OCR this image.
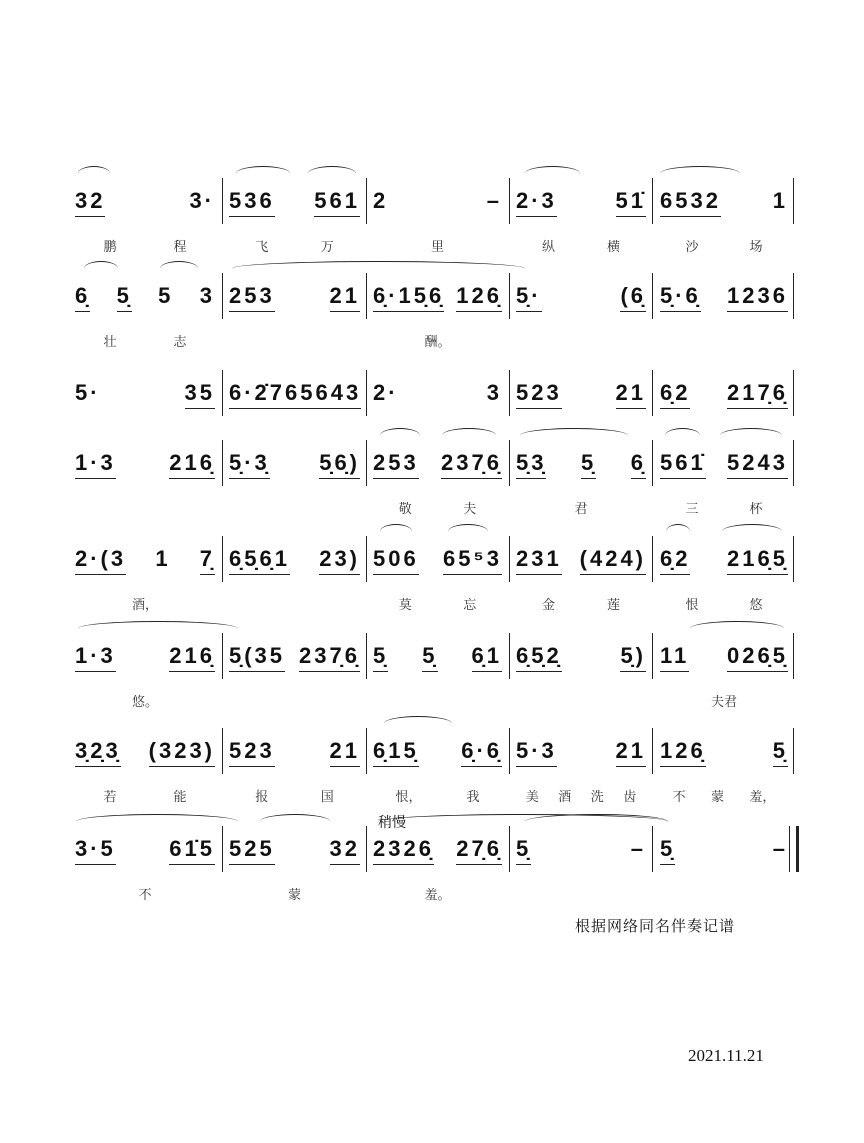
32	3·
鹏	程
536 561
飞	万
2	–
里
2·3	51̇
纵	横
6532 1
沙	场
6̣ 5̣ 5 3
壮	志
253 21 6̣·15̣6̣ 126̣
酬。
5̣·	(6̣ 5̣·6̣ 1236
5·	35 6·2̇76 5643 2·	3 523 21 6̣2 217̣6̣
1·3 216̣ 5̣·3̣ 5̣6̣) 253 237̣6̣
敬	夫
5̣3̣ 5̣ 6̣
君
561̇ 5243
三	杯
2·(3 1 7̣
酒，
6̣5̣6̣1 23) 506 65⁵3
莫	忘
231 (424)
金	莲
6̣2 216̣5̣
恨	悠
1·3 216̣
悠。
5̣(35 237̣6̣ 5̣ 5̣ 6̣1 6̣5̣2̣	5̣) 11 026̣5̣
夫君
3̣2̣3̣ (323)
若	能
523 21
报	国
6̣15̣ 6̣·6̣
恨，	我
5·3	21
美 酒 洗 齿
126̣	5̣
不 蒙 羞，
3·5 61̇5
不
525 32
蒙
2326̣ 27̣6̣
羞。
5̣	– 5̣	–
稍慢
根据网络同名伴奏记谱
2021.11.21
